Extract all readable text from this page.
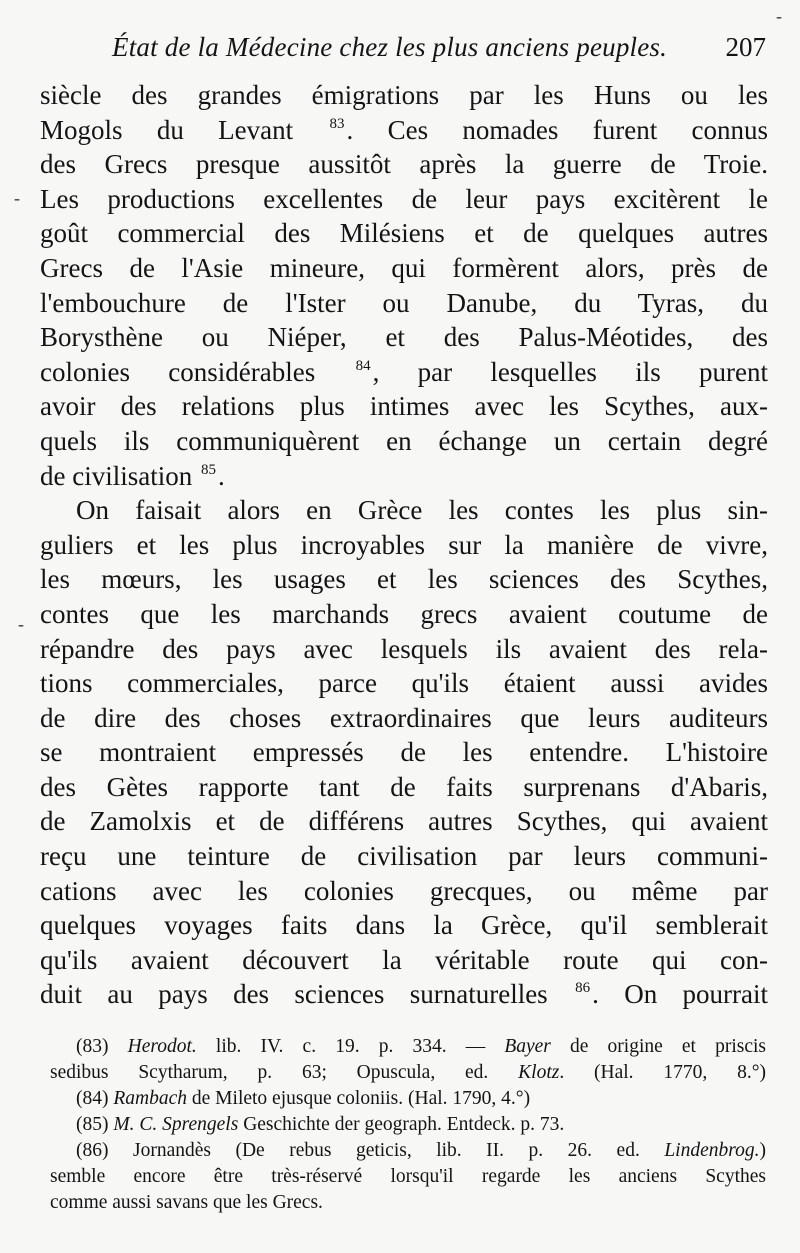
État de la Médecine chez les plus anciens peuples. 207
siècle des grandes émigrations par les Huns ou les
Mogols du Levant $^{83}$. Ces nomades furent connus
des Grecs presque aussitôt après la guerre de Troie.
Les productions excellentes de leur pays excitèrent le
goût commercial des Milésiens et de quelques autres
Grecs de l'Asie mineure, qui formèrent alors, près de
l'embouchure de l'Ister ou Danube, du Tyras, du
Borysthène ou Niéper, et des Palus-Méotides, des
colonies considérables	$^{84}$, par lesquelles ils purent
avoir des relations plus intimes avec les Scythes, aux-
quels ils communiquèrent en échange un certain degré
de civilisation $^{85}$.
On faisait alors en Grèce les contes les plus sin-
guliers et les plus incroyables sur la manière de vivre,
les mœurs, les usages et les sciences des Scythes,
contes que les marchands grecs avaient coutume de
répandre des pays avec lesquels ils avaient des rela-
tions commerciales, parce qu'ils étaient aussi avides
de dire des choses extraordinaires que leurs auditeurs
se montraient empressés de les entendre. L'histoire
des Gètes rapporte tant de faits surprenans d'Abaris,
de Zamolxis et de différens autres Scythes, qui avaient
reçu une teinture de civilisation par leurs communi-
cations avec les colonies grecques, ou même par
quelques voyages faits dans la Grèce, qu'il semblerait
qu'ils avaient découvert la véritable route qui con-
duit au pays des sciences surnaturelles $^{86}$. On pourrait
(83) Herodot. lib. IV. c. 19. p. 334. — Bayer de origine et priscis
sedibus Scytharum, p. 63; Opuscula, ed. Klotz. (Hal. 1770, 8.°)
(84) Rambach de Mileto ejusque coloniis. (Hal. 1790, 4.°)
(85) M. C. Sprengels Geschichte der geograph. Entdeck. p. 73.
(86) Jornandès (De rebus geticis, lib. II. p. 26. ed. Lindenbrog.)
semble encore être très-réservé lorsqu'il regarde les anciens Scythes
comme aussi savans que les Grecs.
-
-
-
